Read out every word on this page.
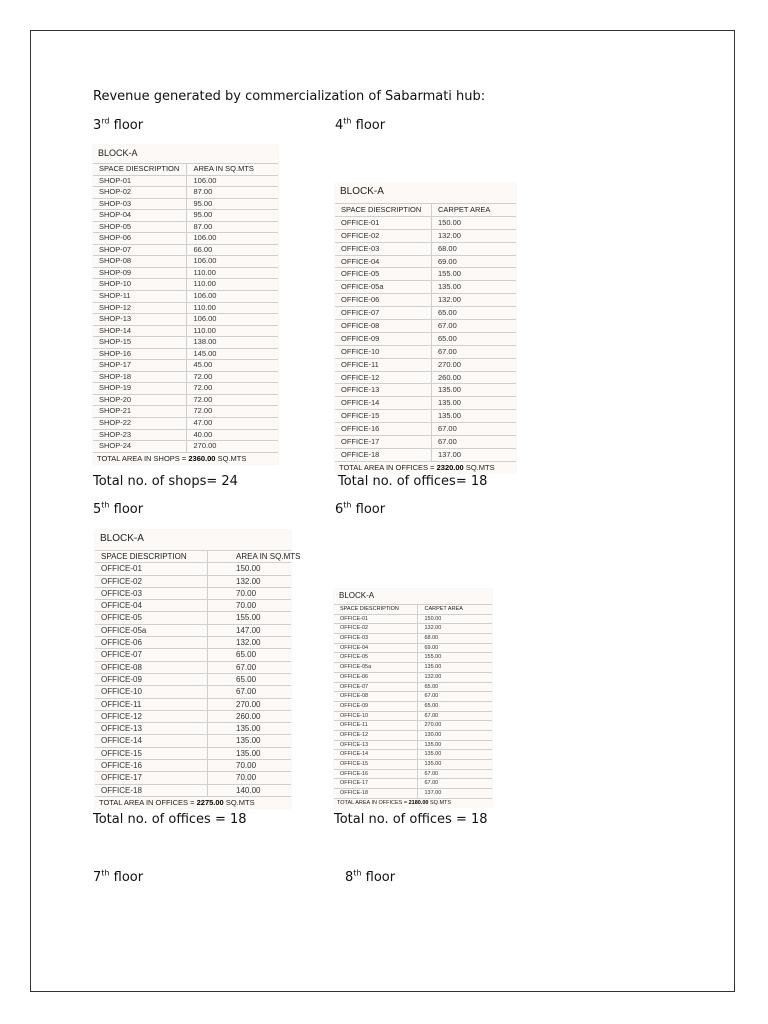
Revenue generated by commercialization of Sabarmati hub:
3rd floor	4th floor
5th floor	6th floor
7th floor	8th floor
Total no. of shops= 24	Total no. of offices= 18
Total no. of offices = 18	Total no. of offices = 18
BLOCK-A
SPACE DIESCRIPTION	AREA IN SQ.MTS
SHOP-01	106.00
SHOP-02	87.00
SHOP-03	95.00
SHOP-04	95.00
SHOP-05	87.00
SHOP-06	106.00
SHOP-07	66.00
SHOP-08	106.00
SHOP-09	110.00
SHOP-10	110.00
SHOP-11	106.00
SHOP-12	110.00
SHOP-13	106.00
SHOP-14	110.00
SHOP-15	138.00
SHOP-16	145.00
SHOP-17	45.00
SHOP-18	72.00
SHOP-19	72.00
SHOP-20	72.00
SHOP-21	72.00
SHOP-22	47.00
SHOP-23	40.00
SHOP-24	270.00
TOTAL AREA IN SHOPS = 2360.00 SQ.MTS
BLOCK-A
SPACE DIESCRIPTION	CARPET AREA
OFFICE-01	150.00
OFFICE-02	132.00
OFFICE-03	68.00
OFFICE-04	69.00
OFFICE-05	155.00
OFFICE-05a	135.00
OFFICE-06	132.00
OFFICE-07	65.00
OFFICE-08	67.00
OFFICE-09	65.00
OFFICE-10	67.00
OFFICE-11	270.00
OFFICE-12	260.00
OFFICE-13	135.00
OFFICE-14	135.00
OFFICE-15	135.00
OFFICE-16	67.00
OFFICE-17	67.00
OFFICE-18	137.00
TOTAL AREA IN OFFICES = 2320.00 SQ.MTS
BLOCK-A
SPACE DIESCRIPTION	AREA IN SQ.MTS
OFFICE-01	150.00
OFFICE-02	132.00
OFFICE-03	70.00
OFFICE-04	70.00
OFFICE-05	155.00
OFFICE-05a	147.00
OFFICE-06	132.00
OFFICE-07	65.00
OFFICE-08	67.00
OFFICE-09	65.00
OFFICE-10	67.00
OFFICE-11	270.00
OFFICE-12	260.00
OFFICE-13	135.00
OFFICE-14	135.00
OFFICE-15	135.00
OFFICE-16	70.00
OFFICE-17	70.00
OFFICE-18	140.00
TOTAL AREA IN OFFICES = 2275.00 SQ.MTS
BLOCK-A
SPACE DIESCRIPTION	CARPET AREA
OFFICE-01	150.00
OFFICE-02	132.00
OFFICE-03	68.00
OFFICE-04	69.00
OFFICE-05	155.00
OFFICE-05a	135.00
OFFICE-06	132.00
OFFICE-07	65.00
OFFICE-08	67.00
OFFICE-09	65.00
OFFICE-10	67.00
OFFICE-11	270.00
OFFICE-12	130.00
OFFICE-13	135.00
OFFICE-14	135.00
OFFICE-15	135.00
OFFICE-16	67.00
OFFICE-17	67.00
OFFICE-18	137.00
TOTAL AREA IN OFFICES = 2180.00 SQ.MTS
